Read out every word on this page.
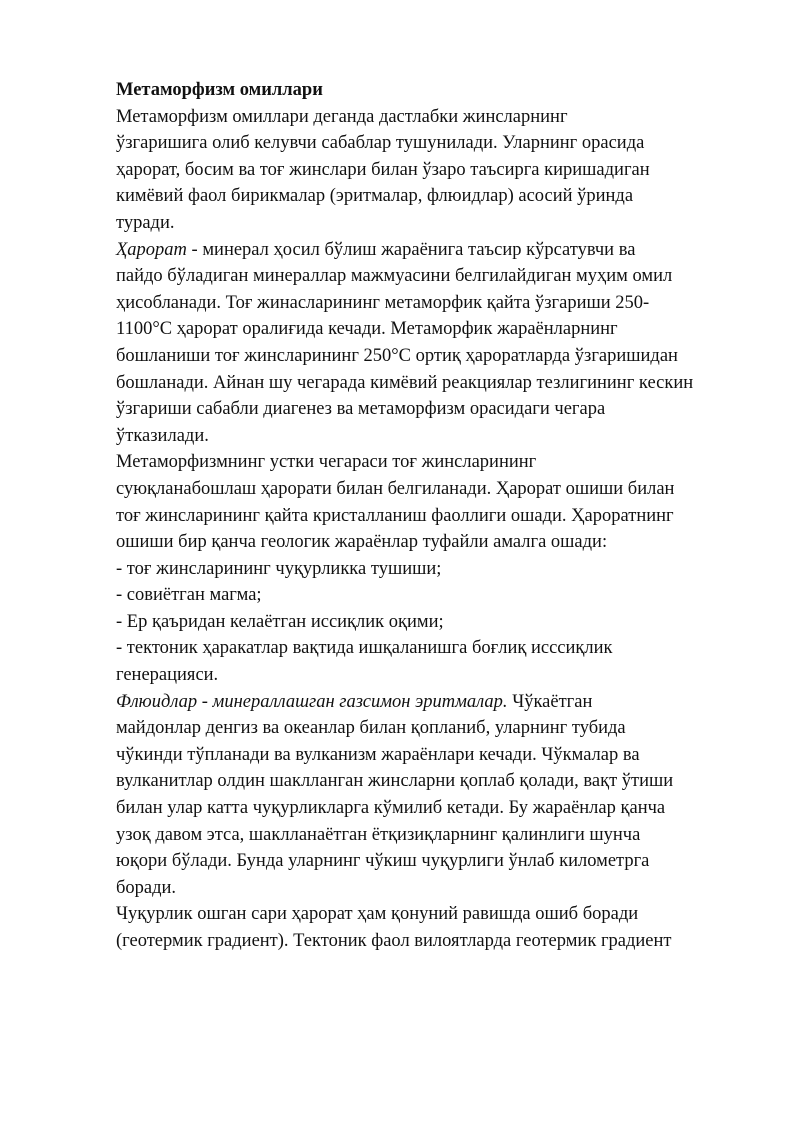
Метаморфизм омиллари
Метаморфизм омиллари деганда дастлабки жинсларнинг
ўзгаришига олиб келувчи сабаблар тушунилади. Уларнинг орасида
ҳарорат, босим ва тоғ жинслари билан ўзаро таъсирга киришадиган
кимёвий фаол бирикмалар (эритмалар, флюидлар) асосий ўринда
туради.
Ҳарорат - минерал ҳосил бўлиш жараёнига таъсир кўрсатувчи ва
пайдо бўладиган минераллар мажмуасини белгилайдиган муҳим омил
ҳисобланади. Тоғ жинасларининг метаморфик қайта ўзгариши 250-
1100°С ҳарорат оралиғида кечади. Метаморфик жараёнларнинг
бошланиши тоғ жинсларининг 250°С ортиқ ҳароратларда ўзгаришидан
бошланади. Айнан шу чегарада кимёвий реакциялар тезлигининг кескин
ўзгариши сабабли диагенез ва метаморфизм орасидаги чегара
ўтказилади.
Метаморфизмнинг устки чегараси тоғ жинсларининг
суюқланабошлаш ҳарорати билан белгиланади. Ҳарорат ошиши билан
тоғ жинсларининг қайта кристалланиш фаоллиги ошади. Ҳароратнинг
ошиши бир қанча геологик жараёнлар туфайли амалга ошади:
- тоғ жинсларининг чуқурликка тушиши;
- совиётган магма;
- Ер қаъридан келаётган иссиқлик оқими;
- тектоник ҳаракатлар вақтида ишқаланишга боғлиқ исссиқлик
генерацияси.
Флюидлар - минераллашган газсимон эритмалар. Чўкаётган
майдонлар денгиз ва океанлар билан қопланиб, уларнинг тубида
чўкинди тўпланади ва вулканизм жараёнлари кечади. Чўкмалар ва
вулканитлар олдин шаклланган жинсларни қоплаб қолади, вақт ўтиши
билан улар катта чуқурликларга кўмилиб кетади. Бу жараёнлар қанча
узоқ давом этса, шаклланаётган ётқизиқларнинг қалинлиги шунча
юқори бўлади. Бунда уларнинг чўкиш чуқурлиги ўнлаб километрга
боради.
Чуқурлик ошган сари ҳарорат ҳам қонуний равишда ошиб боради
(геотермик градиент). Тектоник фаол вилоятларда геотермик градиент
